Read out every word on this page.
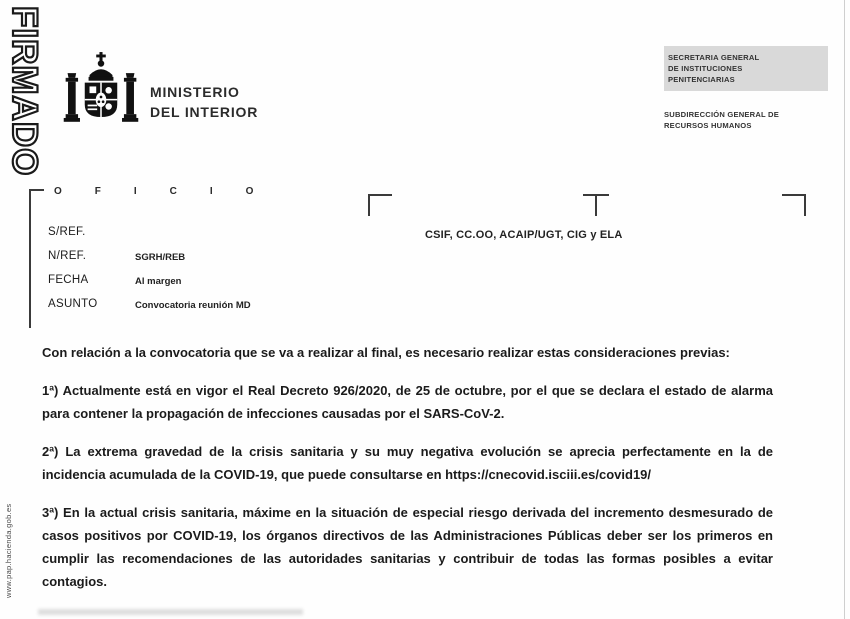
FIRMADO	MINISTERIO
DEL INTERIOR
SECRETARIA GENERAL
DE INSTITUCIONES
PENITENCIARIAS
SUBDIRECCIÓN GENERAL DE
RECURSOS HUMANOS
OFICIO
S/REF.
N/REF.	SGRH/REB
FECHA	Al margen
ASUNTO	Convocatoria reunión MD
CSIF, CC.OO, ACAIP/UGT, CIG y ELA

Con relación a la convocatoria que se va a realizar al final, es necesario realizar estas consideraciones previas:

1ª) Actualmente está en vigor el Real Decreto 926/2020, de 25 de octubre, por el que se declara el estado de alarma para contener la propagación de infecciones causadas por el SARS-CoV-2.

2ª) La extrema gravedad de la crisis sanitaria y su muy negativa evolución se aprecia perfectamente en la de incidencia acumulada de la COVID-19, que puede consultarse en https://cnecovid.isciii.es/covid19/

3ª) En la actual crisis sanitaria, máxime en la situación de especial riesgo derivada del incremento desmesurado de casos positivos por COVID-19, los órganos directivos de las Administraciones Públicas deber ser los primeros en cumplir las recomendaciones de las autoridades sanitarias y contribuir de todas las formas posibles a evitar contagios.

www.pap.hacienda.gob.es
